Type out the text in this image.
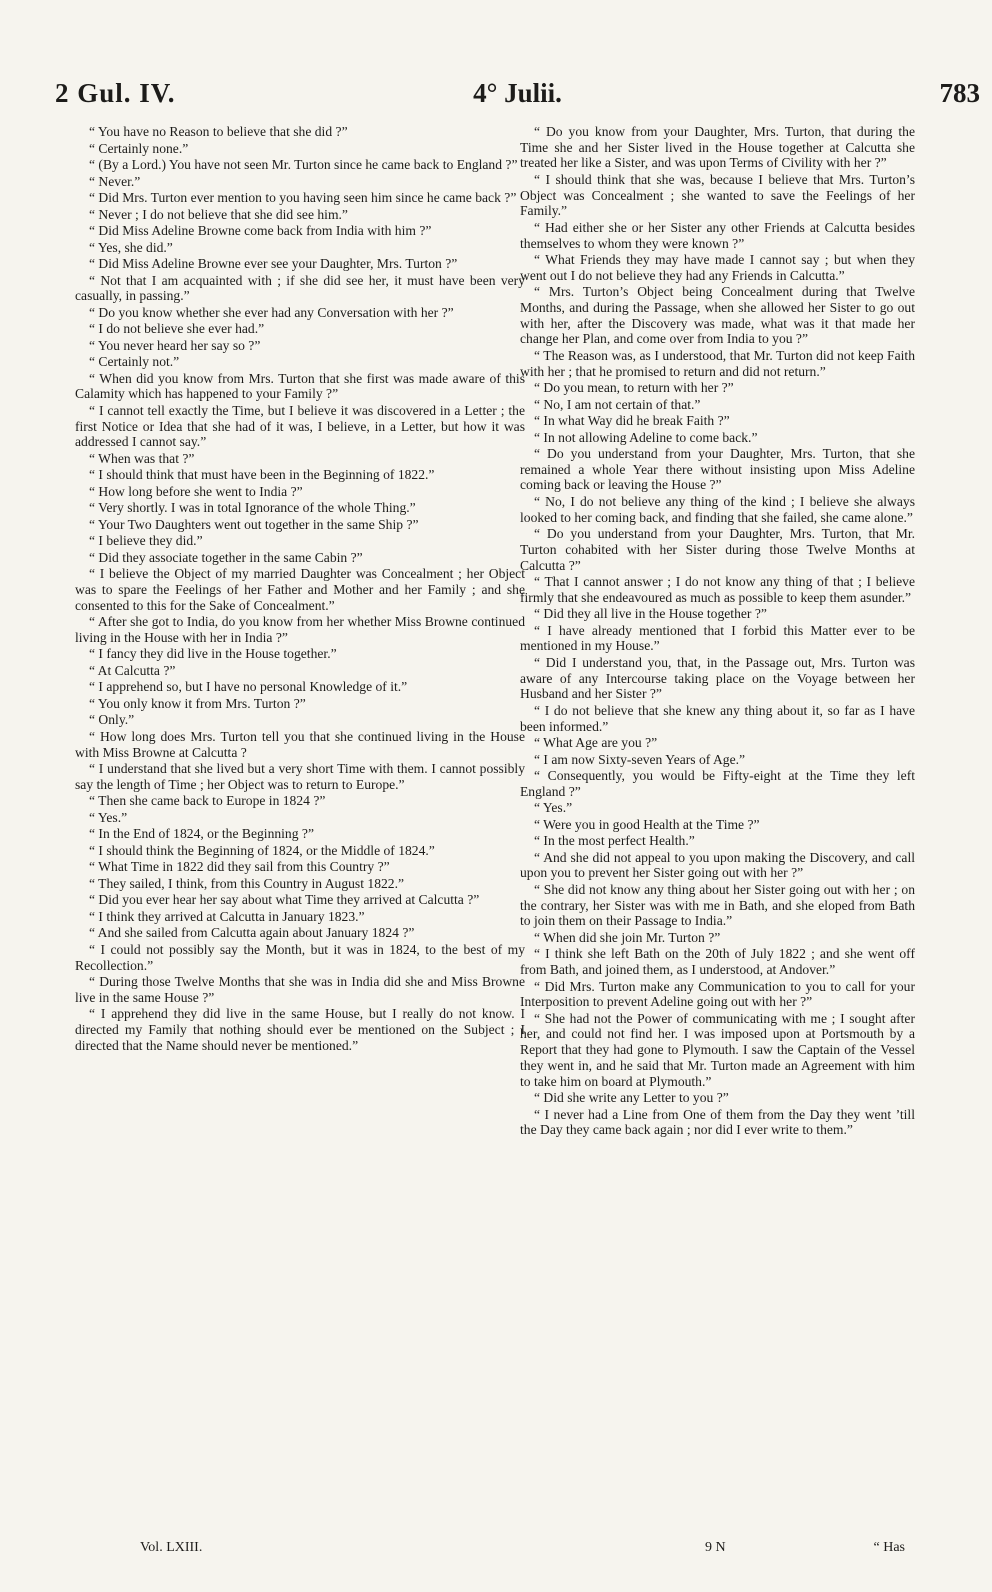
2 Gul. IV.	4° Julii.	783

“ You have no Reason to believe that she did ?”

“ Certainly none.”

“ (By a Lord.) You have not seen Mr. Turton since he came back to England ?”

“ Never.”

“ Did Mrs. Turton ever mention to you having seen him since he came back ?”

“ Never ; I do not believe that she did see him.”

“ Did Miss Adeline Browne come back from India with him ?”

“ Yes, she did.”

“ Did Miss Adeline Browne ever see your Daughter, Mrs. Turton ?”

“ Not that I am acquainted with ; if she did see her, it must have been very casually, in passing.”

“ Do you know whether she ever had any Conversation with her ?”

“ I do not believe she ever had.”

“ You never heard her say so ?”

“ Certainly not.”

“ When did you know from Mrs. Turton that she first was made aware of this Calamity which has happened to your Family ?”

“ I cannot tell exactly the Time, but I believe it was discovered in a Letter ; the first Notice or Idea that she had of it was, I believe, in a Letter, but how it was addressed I cannot say.”

“ When was that ?”

“ I should think that must have been in the Beginning of 1822.”

“ How long before she went to India ?”

“ Very shortly. I was in total Ignorance of the whole Thing.”

“ Your Two Daughters went out together in the same Ship ?”

“ I believe they did.”

“ Did they associate together in the same Cabin ?”

“ I believe the Object of my married Daughter was Concealment ; her Object was to spare the Feelings of her Father and Mother and her Family ; and she consented to this for the Sake of Concealment.”

“ After she got to India, do you know from her whether Miss Browne continued living in the House with her in India ?”

“ I fancy they did live in the House together.”

“ At Calcutta ?”

“ I apprehend so, but I have no personal Knowledge of it.”

“ You only know it from Mrs. Turton ?”

“ Only.”

“ How long does Mrs. Turton tell you that she continued living in the House with Miss Browne at Calcutta ?

“ I understand that she lived but a very short Time with them. I cannot possibly say the length of Time ; her Object was to return to Europe.”

“ Then she came back to Europe in 1824 ?”

“ Yes.”

“ In the End of 1824, or the Beginning ?”

“ I should think the Beginning of 1824, or the Middle of 1824.”

“ What Time in 1822 did they sail from this Country ?”

“ They sailed, I think, from this Country in August 1822.”

“ Did you ever hear her say about what Time they arrived at Calcutta ?”

“ I think they arrived at Calcutta in January 1823.”

“ And she sailed from Calcutta again about January 1824 ?”

“ I could not possibly say the Month, but it was in 1824, to the best of my Recollection.”

“ During those Twelve Months that she was in India did she and Miss Browne live in the same House ?”

“ I apprehend they did live in the same House, but I really do not know. I directed my Family that nothing should ever be mentioned on the Subject ; I directed that the Name should never be mentioned.”

“ Do you know from your Daughter, Mrs. Turton, that during the Time she and her Sister lived in the House together at Calcutta she treated her like a Sister, and was upon Terms of Civility with her ?”

“ I should think that she was, because I believe that Mrs. Turton’s Object was Concealment ; she wanted to save the Feelings of her Family.”

“ Had either she or her Sister any other Friends at Calcutta besides themselves to whom they were known ?”

“ What Friends they may have made I cannot say ; but when they went out I do not believe they had any Friends in Calcutta.”

“ Mrs. Turton’s Object being Concealment during that Twelve Months, and during the Passage, when she allowed her Sister to go out with her, after the Discovery was made, what was it that made her change her Plan, and come over from India to you ?”

“ The Reason was, as I understood, that Mr. Turton did not keep Faith with her ; that he promised to return and did not return.”

“ Do you mean, to return with her ?”

“ No, I am not certain of that.”

“ In what Way did he break Faith ?”

“ In not allowing Adeline to come back.”

“ Do you understand from your Daughter, Mrs. Turton, that she remained a whole Year there without insisting upon Miss Adeline coming back or leaving the House ?”

“ No, I do not believe any thing of the kind ; I believe she always looked to her coming back, and finding that she failed, she came alone.”

“ Do you understand from your Daughter, Mrs. Turton, that Mr. Turton cohabited with her Sister during those Twelve Months at Calcutta ?”

“ That I cannot answer ; I do not know any thing of that ; I believe firmly that she endeavoured as much as possible to keep them asunder.”

“ Did they all live in the House together ?”

“ I have already mentioned that I forbid this Matter ever to be mentioned in my House.”

“ Did I understand you, that, in the Passage out, Mrs. Turton was aware of any Intercourse taking place on the Voyage between her Husband and her Sister ?”

“ I do not believe that she knew any thing about it, so far as I have been informed.”

“ What Age are you ?”

“ I am now Sixty-seven Years of Age.”

“ Consequently, you would be Fifty-eight at the Time they left England ?”

“ Yes.”

“ Were you in good Health at the Time ?”

“ In the most perfect Health.”

“ And she did not appeal to you upon making the Discovery, and call upon you to prevent her Sister going out with her ?”

“ She did not know any thing about her Sister going out with her ; on the contrary, her Sister was with me in Bath, and she eloped from Bath to join them on their Passage to India.”

“ When did she join Mr. Turton ?”

“ I think she left Bath on the 20th of July 1822 ; and she went off from Bath, and joined them, as I understood, at Andover.”

“ Did Mrs. Turton make any Communication to you to call for your Interposition to prevent Adeline going out with her ?”

“ She had not the Power of communicating with me ; I sought after her, and could not find her. I was imposed upon at Portsmouth by a Report that they had gone to Plymouth. I saw the Captain of the Vessel they went in, and he said that Mr. Turton made an Agreement with him to take him on board at Plymouth.”

“ Did she write any Letter to you ?”

“ I never had a Line from One of them from the Day they went ’till the Day they came back again ; nor did I ever write to them.”

Vol. LXIII.	9 N	“ Has
